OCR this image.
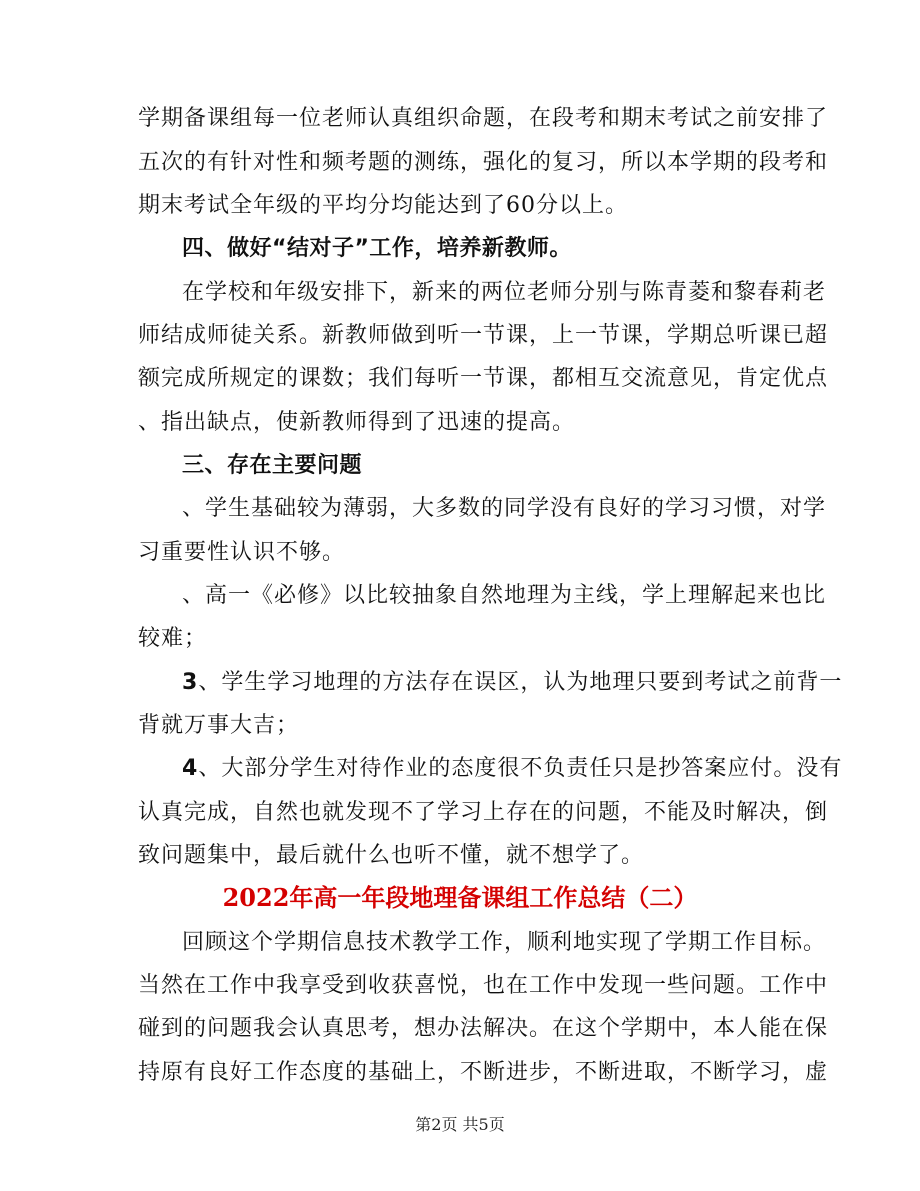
学期备课组每一位老师认真组织命题，在段考和期末考试之前安排了
五次的有针对性和频考题的测练，强化的复习，所以本学期的段考和
期末考试全年级的平均分均能达到了60分以上。
四、做好“结对子”工作，培养新教师。
在学校和年级安排下，新来的两位老师分别与陈青菱和黎春莉老
师结成师徒关系。新教师做到听一节课，上一节课，学期总听课已超
额完成所规定的课数；我们每听一节课，都相互交流意见，肯定优点
、指出缺点，使新教师得到了迅速的提高。
三、存在主要问题
、学生基础较为薄弱，大多数的同学没有良好的学习习惯，对学
习重要性认识不够。
、高一《必修》以比较抽象自然地理为主线，学上理解起来也比
较难；
3、学生学习地理的方法存在误区，认为地理只要到考试之前背一
背就万事大吉；
4、大部分学生对待作业的态度很不负责任只是抄答案应付。没有
认真完成，自然也就发现不了学习上存在的问题，不能及时解决，倒
致问题集中，最后就什么也听不懂，就不想学了。
2022年高一年段地理备课组工作总结（二）
回顾这个学期信息技术教学工作，顺利地实现了学期工作目标。
当然在工作中我享受到收获喜悦，也在工作中发现一些问题。工作中
碰到的问题我会认真思考，想办法解决。在这个学期中，本人能在保
持原有良好工作态度的基础上，不断进步，不断进取，不断学习，虚
第2页 共5页
